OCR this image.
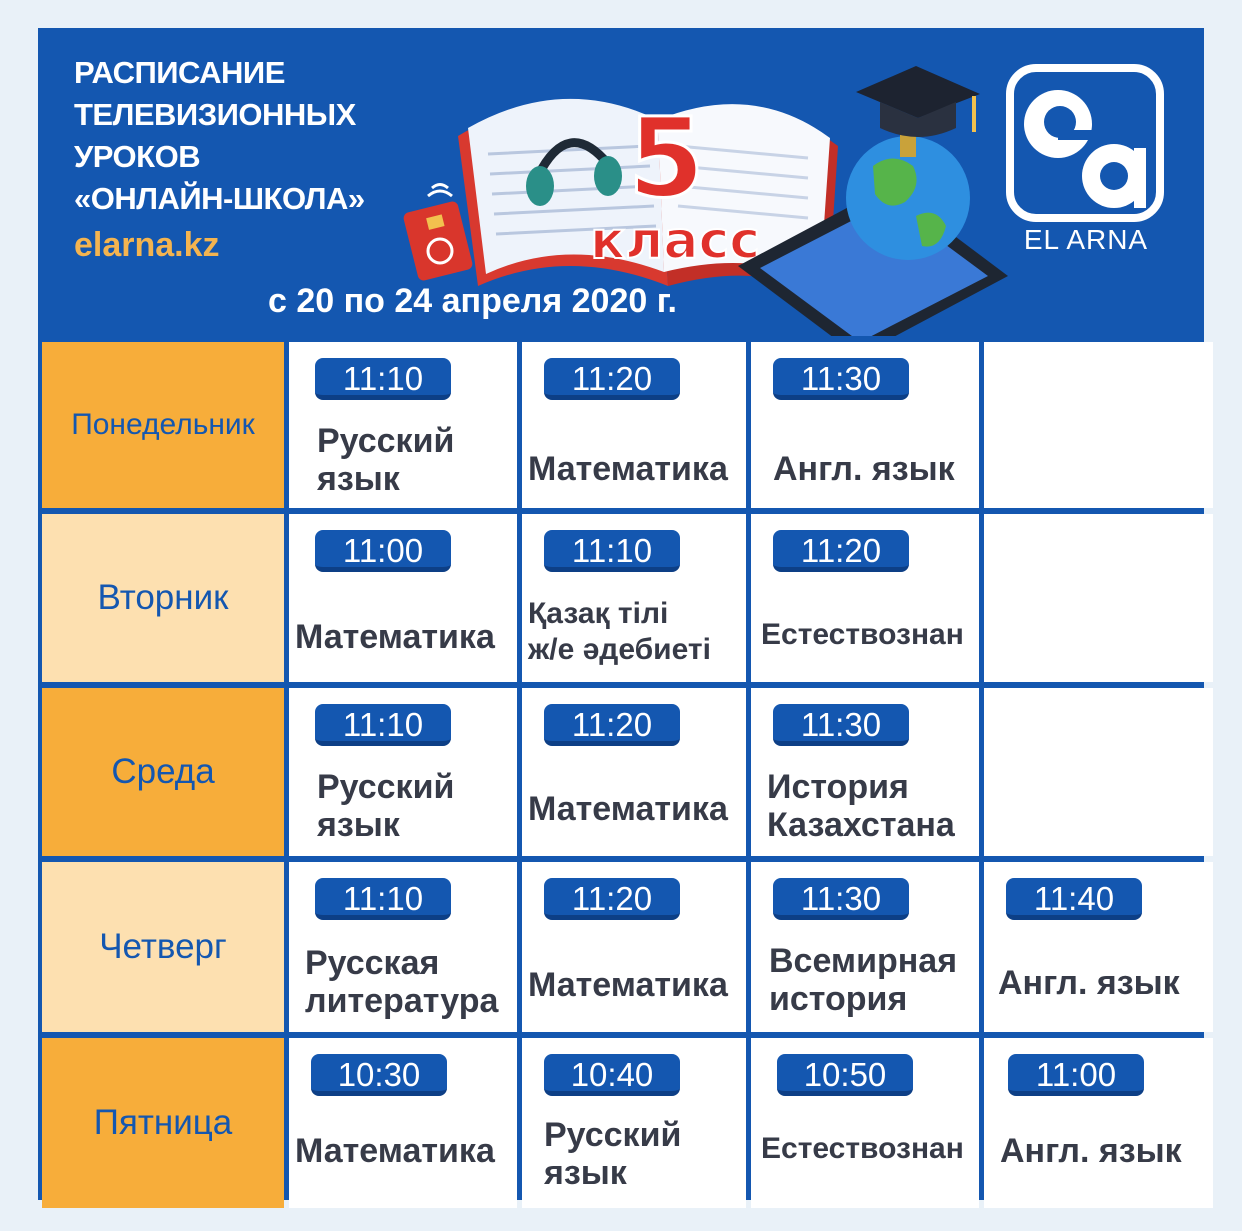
РАСПИСАНИЕ
ТЕЛЕВИЗИОННЫХ
УРОКОВ
«ОНЛАЙН-ШКОЛА»
elarna.kz
5
класс	EL ARNA
с 20 по 24 апреля 2020 г.
Понедельник
11:10
Русский
язык
11:20
Математика
11:30
Англ. язык
Вторник
11:00
Математика
11:10
Қазақ тілі
ж/е әдебиеті
11:20
Естествознан
Среда
11:10
Русский
язык
11:20
Математика
11:30
История
Казахстана
Четверг
11:10
Русская
литература
11:20
Математика
11:30
Всемирная
история
11:40
Англ. язык
Пятница
10:30
Математика
10:40
Русский
язык
10:50
Естествознан
11:00
Англ. язык
